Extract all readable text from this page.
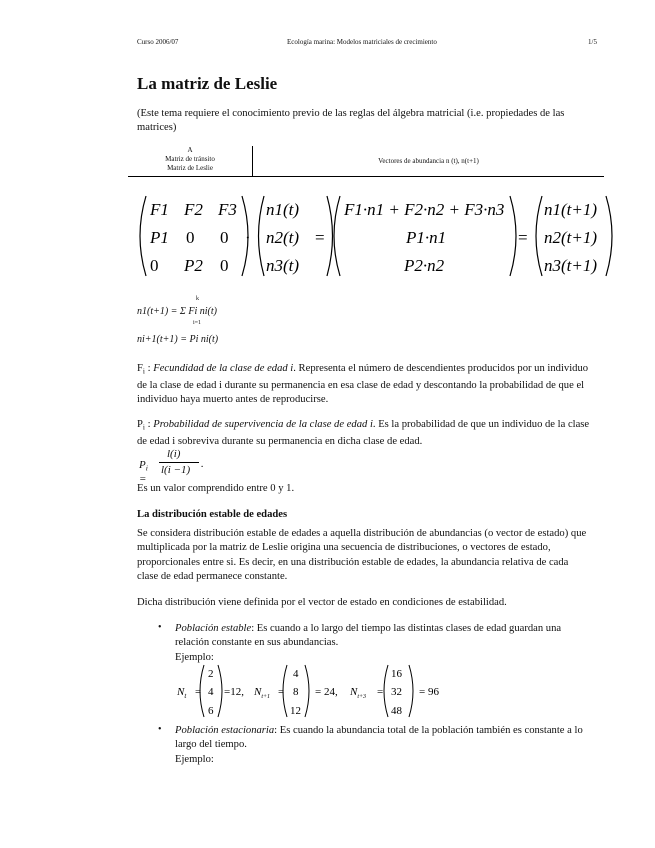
Curso 2006/07	Ecología marina: Modelos matriciales de crecimiento	1/5
La matriz de Leslie
(Este tema requiere el conocimiento previo de las reglas del álgebra matricial (i.e. propiedades de las matrices)
A
Matriz de tránsito
Matriz de Leslie
Vectores de abundancia n (t), n(t+1)
F1 F2 F3
P1 0 0
0 P2 0
·
n1(t)
n2(t)
n3(t)
=
F1·n1 + F2·n2 + F3·n3
P1·n1
P2·n2
=
n1(t+1)
n2(t+1)
n3(t+1)
n1(t+1) = Σ Fi ni(t)
k
i=1
ni+1(t+1) = Pi ni(t)
$F_i$ : Fecundidad de la clase de edad i. Representa el número de descendientes producidos por un individuo de la clase de edad i durante su permanencia en esa clase de edad y descontando la probabilidad de que el individuo haya muerto antes de reproducirse.
$P_i$ : Probabilidad de supervivencia de la clase de edad i. Es la probabilidad de que un individuo de la clase de edad i sobreviva durante su permanencia en dicha clase de edad.
$P_i$ =
l(i)
l(i −1) .
Es un valor comprendido entre 0 y 1.
La distribución estable de edades
Se considera distribución estable de edades a aquella distribución de abundancias (o vector de estado) que multiplicada por la matriz de Leslie origina una secuencia de distribuciones, o vectores de estado, proporcionales entre si. Es decir, en una distribución estable de edades, la abundancia relativa de cada clase de edad permanece constante.
Dicha distribución viene definida por el vector de estado en condiciones de estabilidad.
• Población estable: Es cuando a lo largo del tiempo las distintas clases de edad guardan una relación constante en sus abundancias.
Ejemplo:
$N_t$ =
2
4
6
=12, $N_{t+1}$ =
4
8
12
= 24, $N_{t+3}$ =
16
32
48
= 96
• Población estacionaria: Es cuando la abundancia total de la población también es constante a lo largo del tiempo.
Ejemplo:
